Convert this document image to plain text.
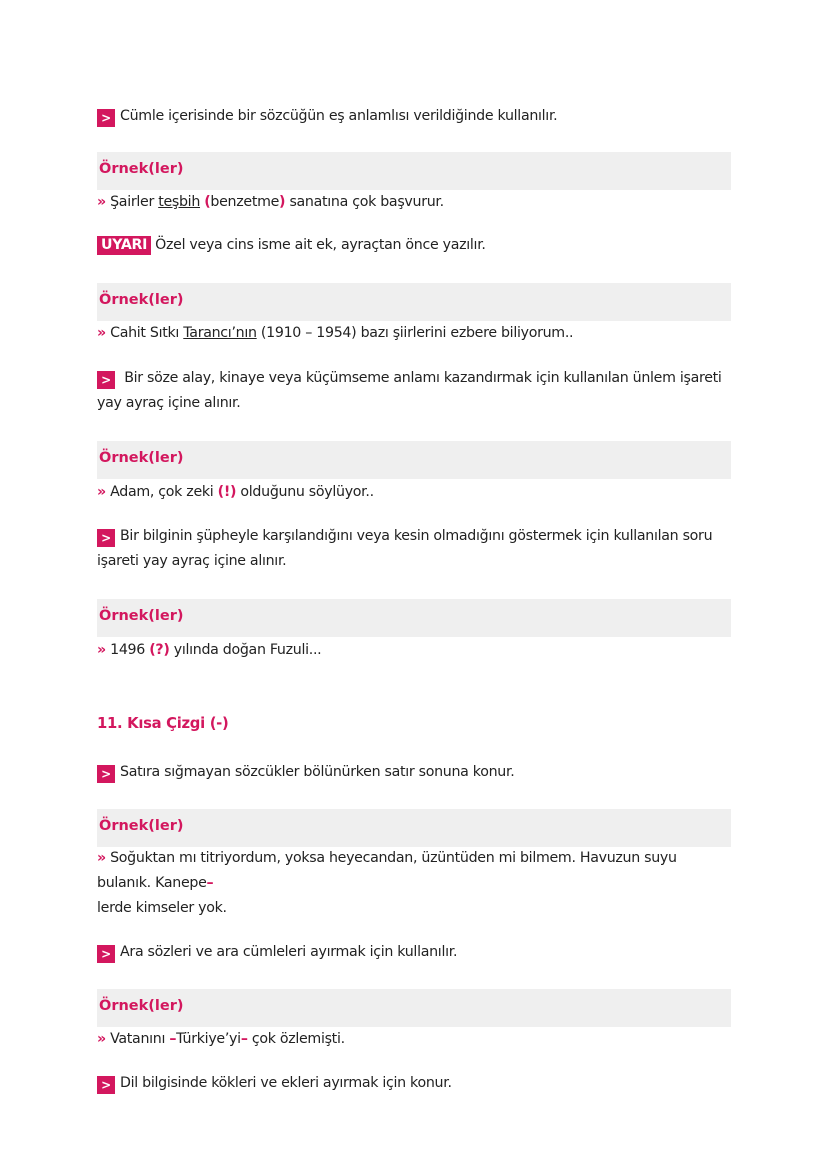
> Cümle içerisinde bir sözcüğün eş anlamlısı verildiğinde kullanılır.
Örnek(ler)
» Şairler teşbih (benzetme) sanatına çok başvurur.
UYARI Özel veya cins isme ait ek, ayraçtan önce yazılır.
Örnek(ler)
» Cahit Sıtkı Tarancı’nın (1910 – 1954) bazı şiirlerini ezbere biliyorum..
> Bir söze alay, kinaye veya küçümseme anlamı kazandırmak için kullanılan ünlem işareti yay ayraç içine alınır.
Örnek(ler)
» Adam, çok zeki (!) olduğunu söylüyor..
> Bir bilginin şüpheyle karşılandığını veya kesin olmadığını göstermek için kullanılan soru işareti yay ayraç içine alınır.
Örnek(ler)
» 1496 (?) yılında doğan Fuzuli...
11. Kısa Çizgi (-)
> Satıra sığmayan sözcükler bölünürken satır sonuna konur.
Örnek(ler)
» Soğuktan mı titriyordum, yoksa heyecandan, üzüntüden mi bilmem. Havuzun suyu bulanık. Kanepe–
lerde kimseler yok.
> Ara sözleri ve ara cümleleri ayırmak için kullanılır.
Örnek(ler)
» Vatanını –Türkiye’yi– çok özlemişti.
> Dil bilgisinde kökleri ve ekleri ayırmak için konur.
